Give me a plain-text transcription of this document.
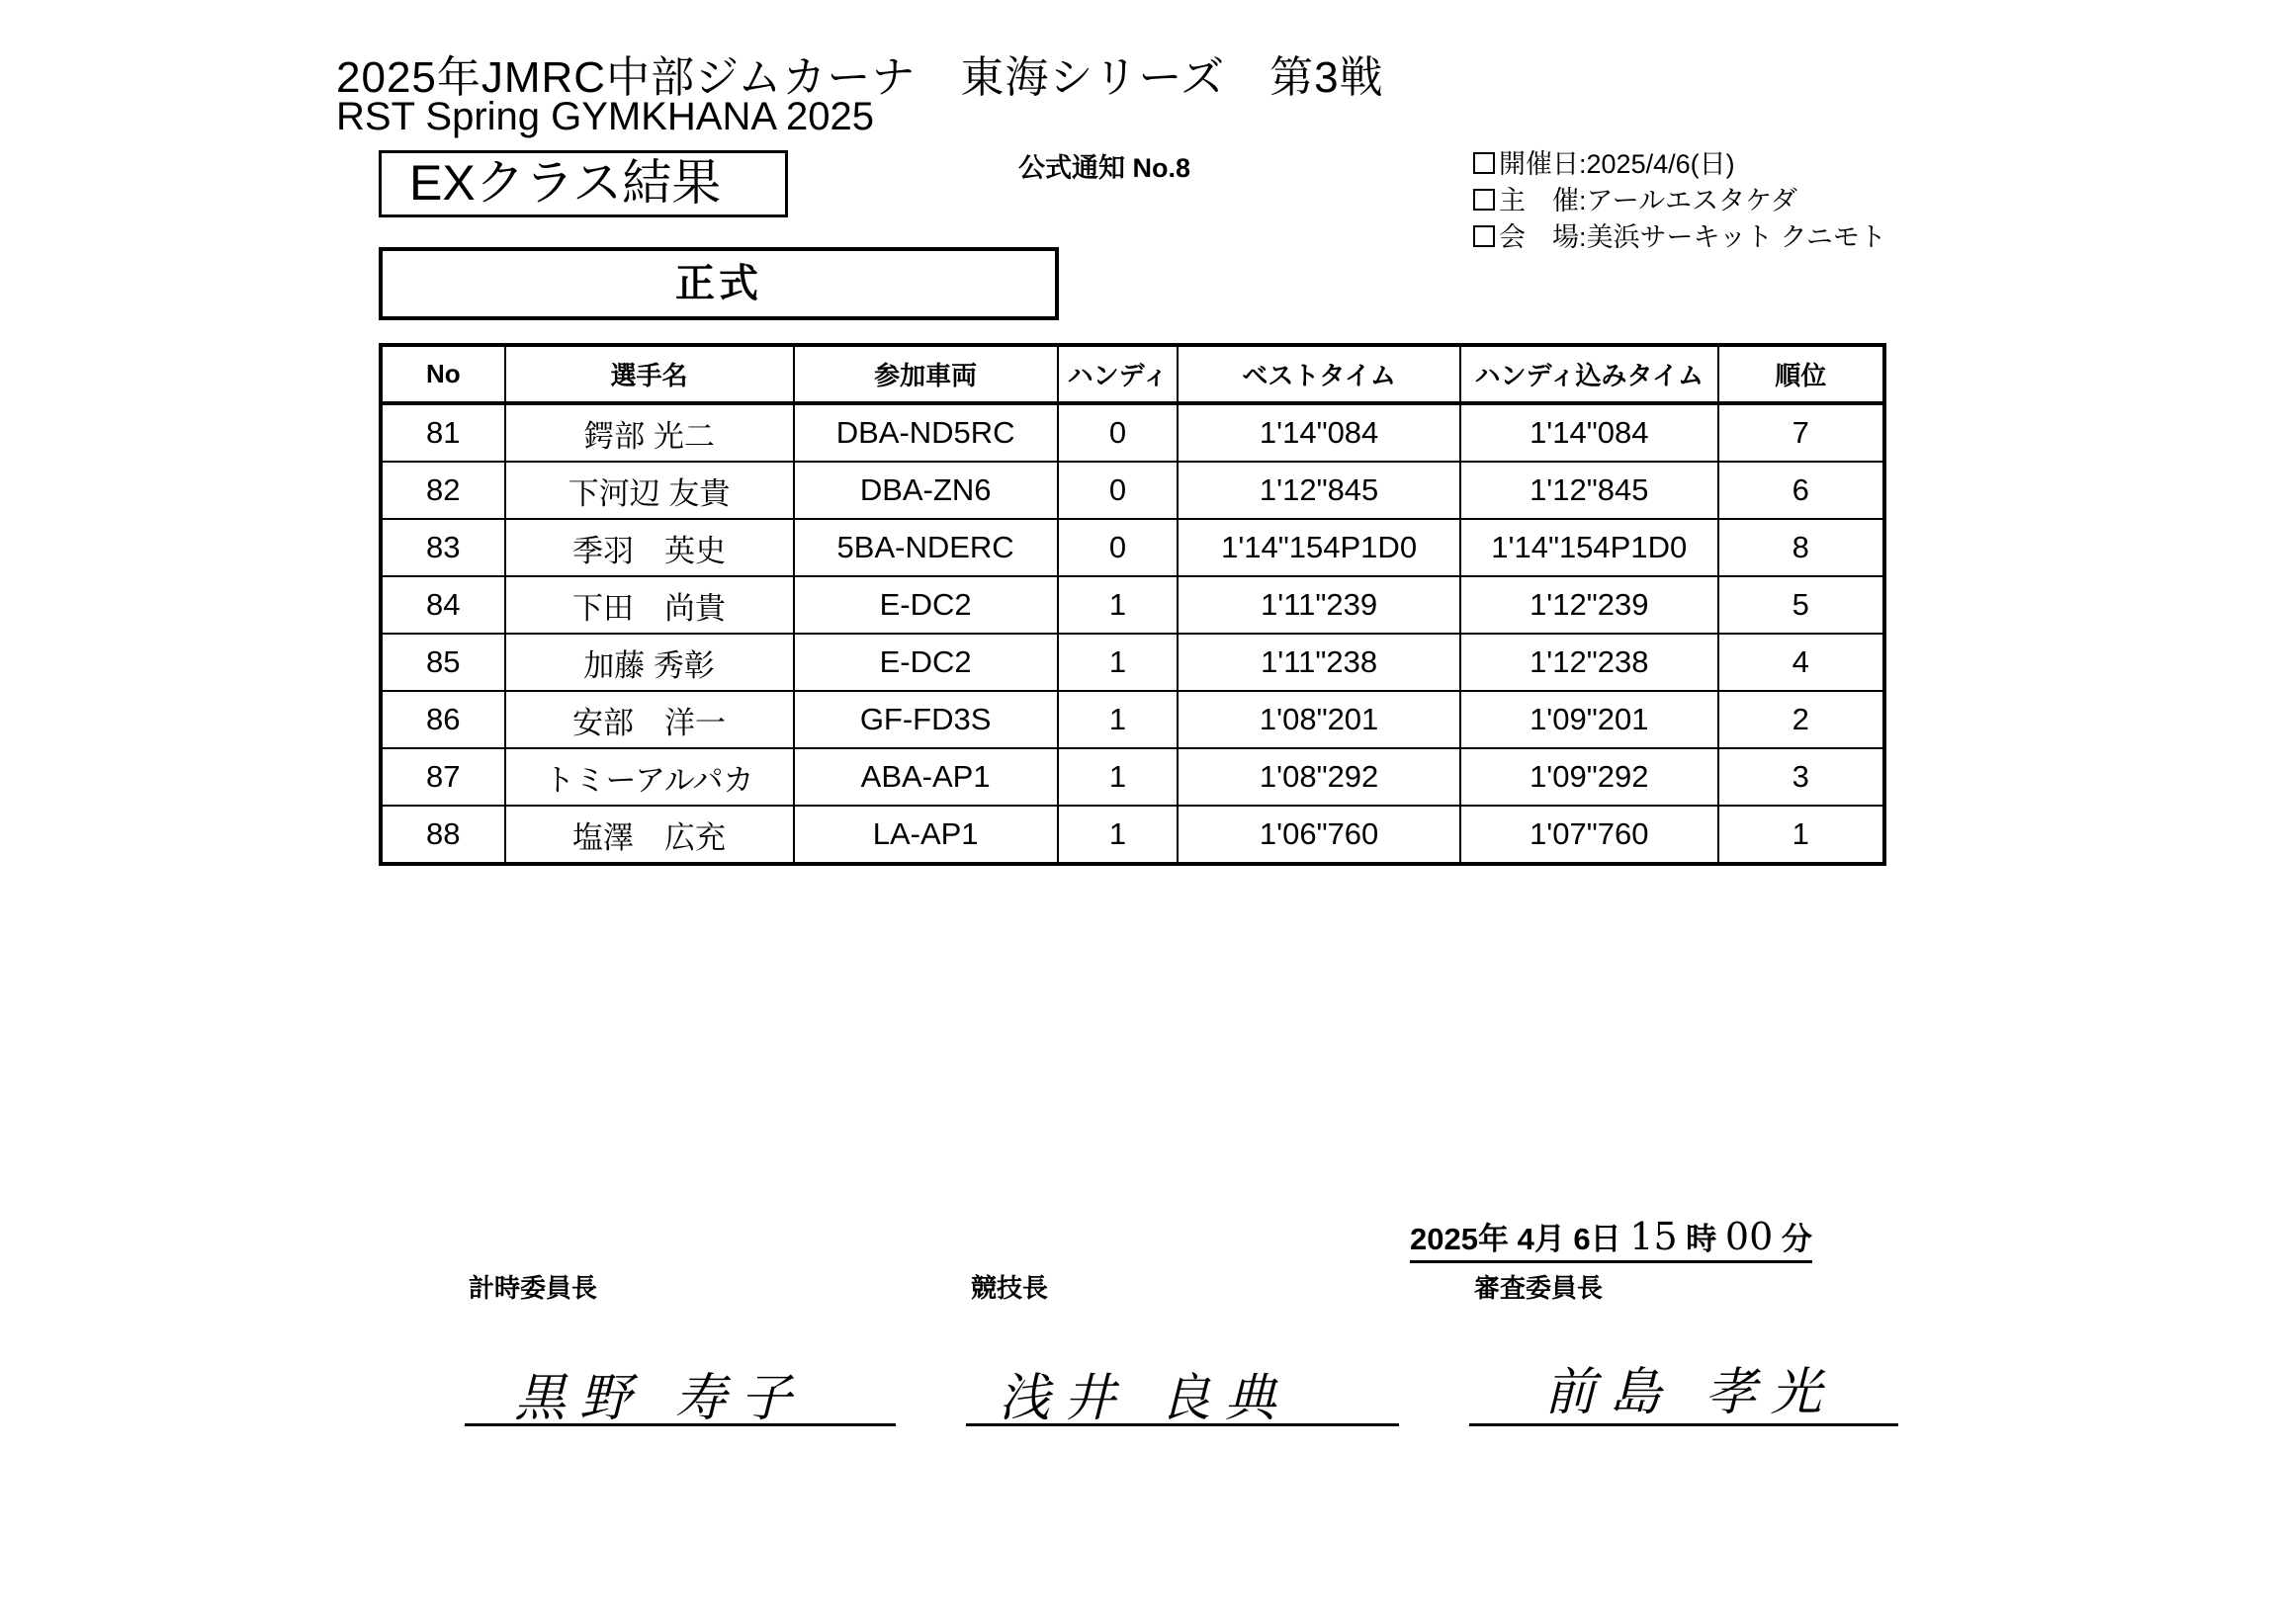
2025年JMRC中部ジムカーナ　東海シリーズ　第3戦
RST Spring GYMKHANA 2025
EXクラス結果	公式通知 No.8	開催日:2025/4/6(日)
主　催:アールエスタケダ
会　場:美浜サーキット クニモト
正式
No	選手名	参加車両	ハンディ	ベストタイム	ハンディ込みタイム	順位
81	鍔部 光二	DBA-ND5RC	0	1'14"084	1'14"084	7
82	下河辺 友貴	DBA-ZN6	0	1'12"845	1'12"845	6
83	季羽　英史	5BA-NDERC	0	1'14"154P1D0	1'14"154P1D0	8
84	下田　尚貴	E-DC2	1	1'11"239	1'12"239	5
85	加藤 秀彰	E-DC2	1	1'11"238	1'12"238	4
86	安部　洋一	GF-FD3S	1	1'08"201	1'09"201	2
87	トミーアルパカ	ABA-AP1	1	1'08"292	1'09"292	3
88	塩澤　広充	LA-AP1	1	1'06"760	1'07"760	1
2025年 4月 6日 15 時 00 分
計時委員長	競技長	審査委員長
黒野 寿子	浅井 良典	前島 孝光
